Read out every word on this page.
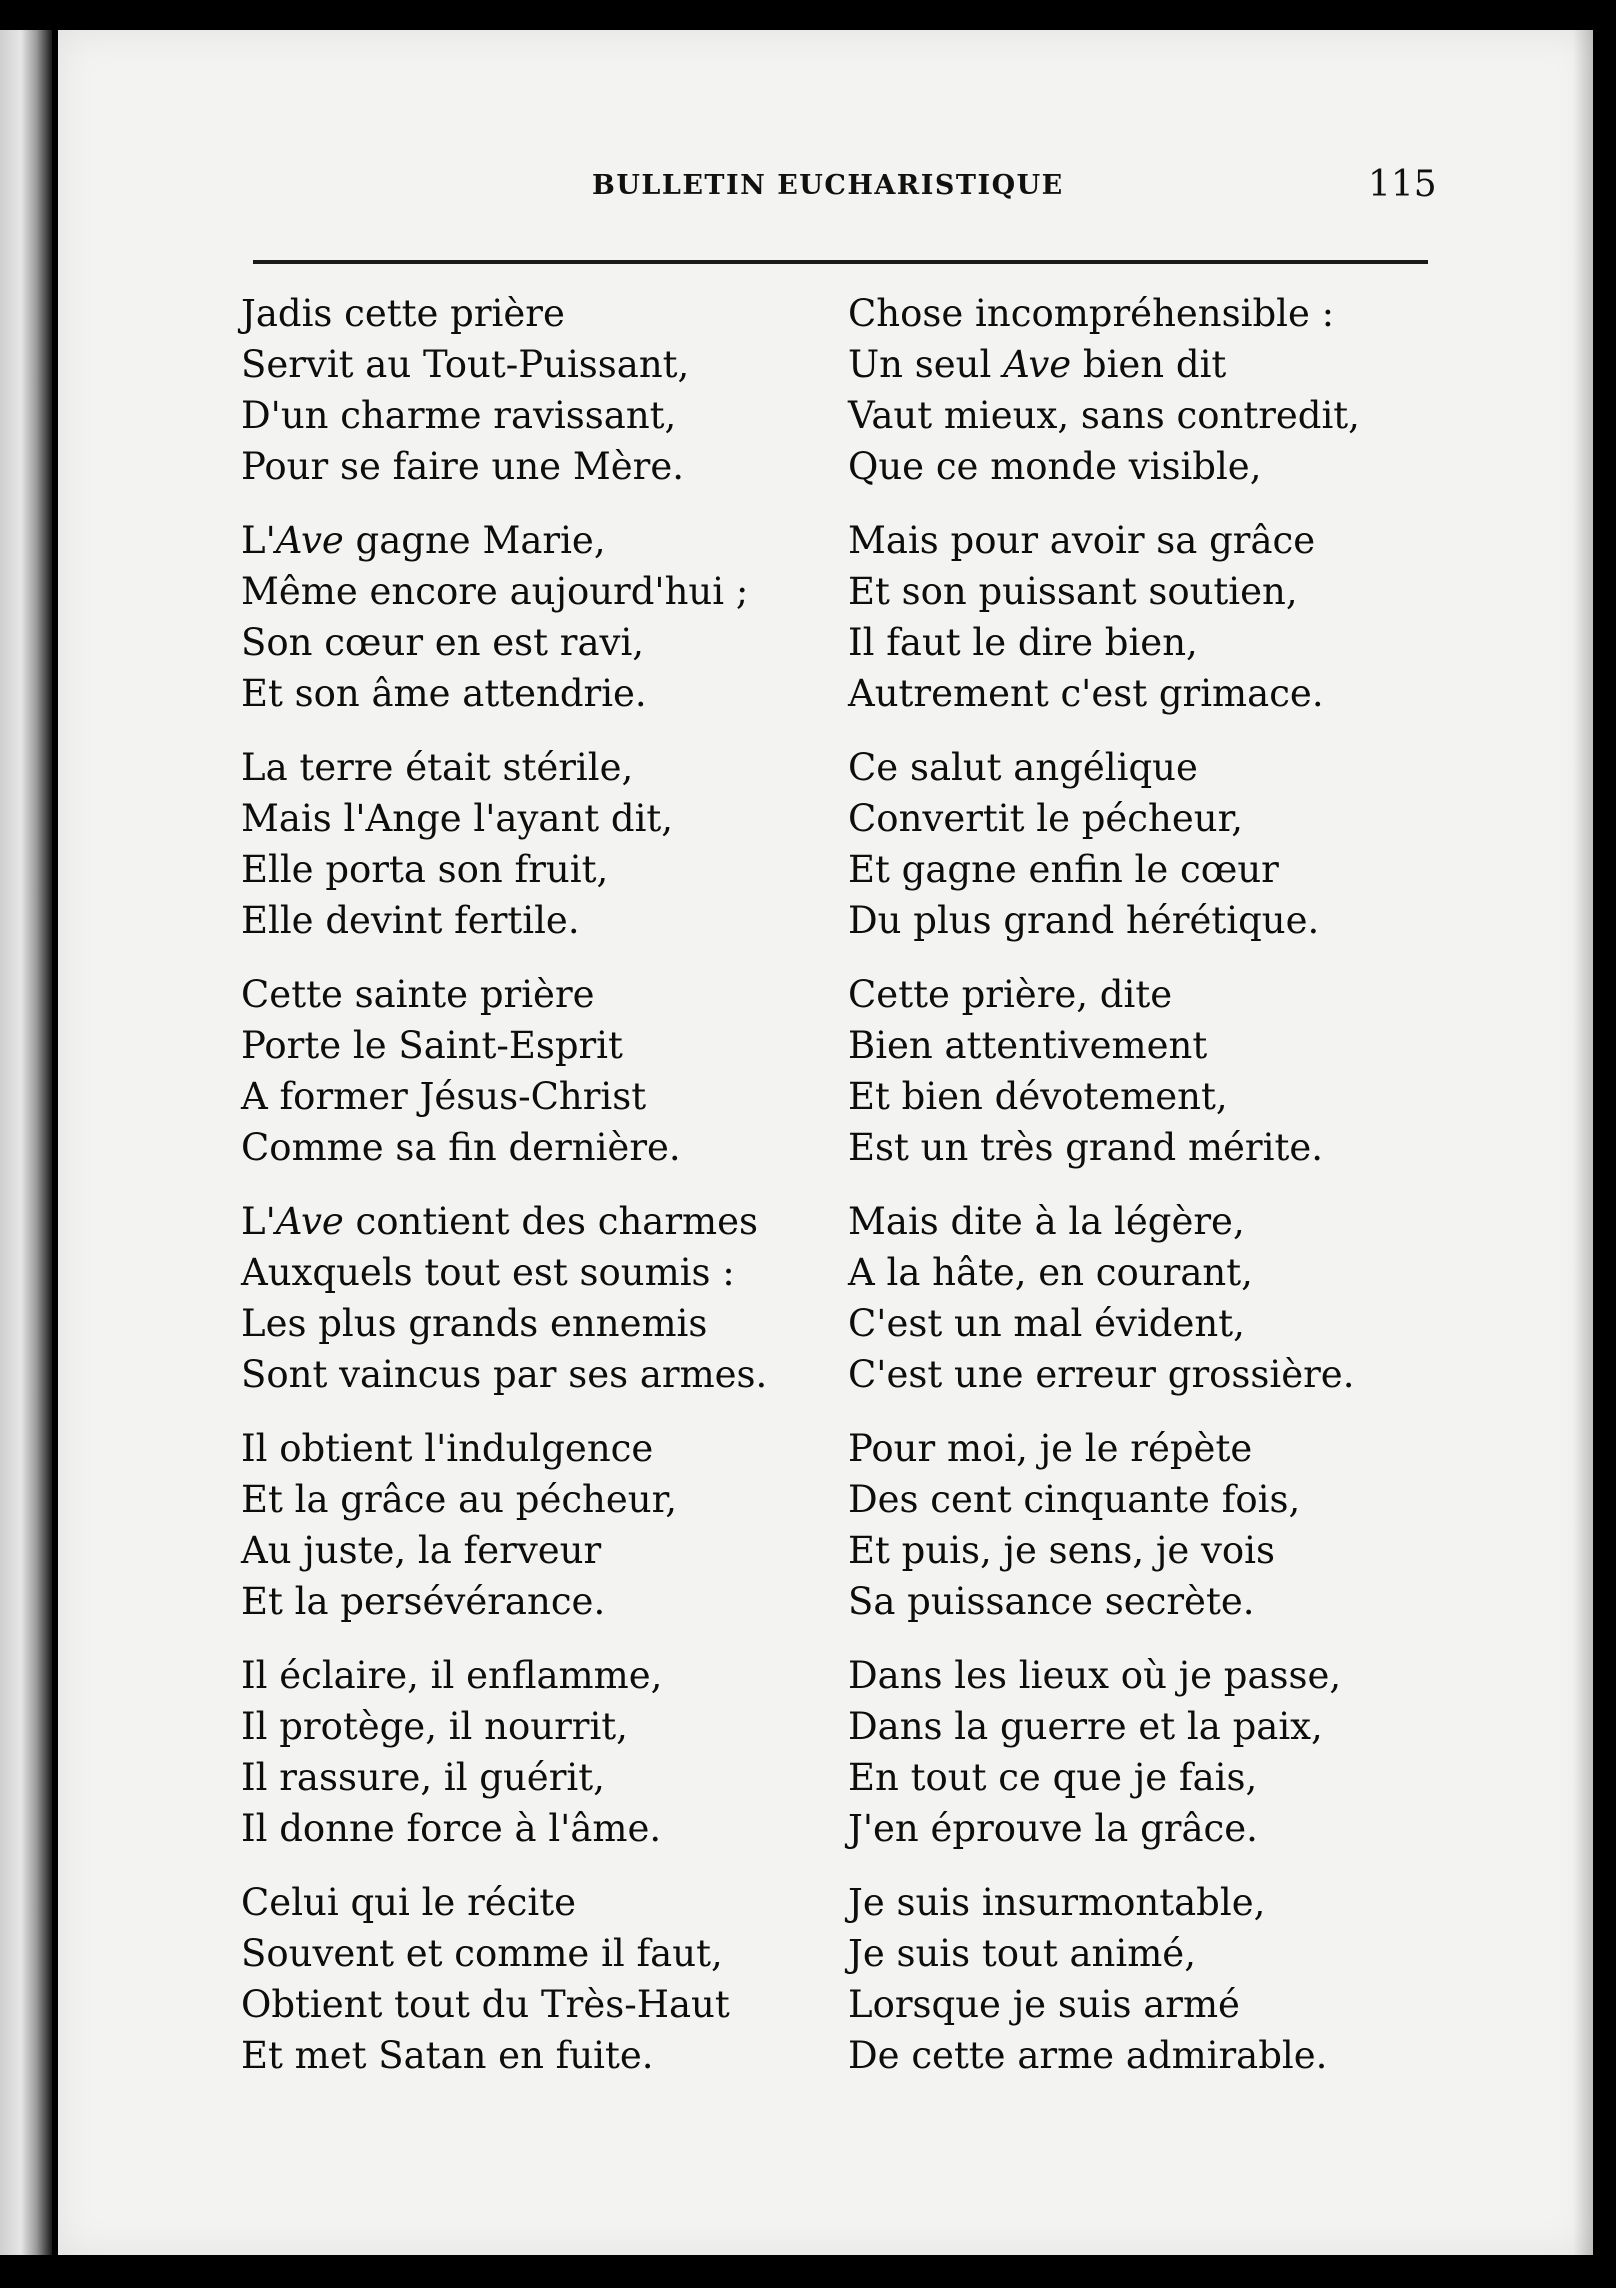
BULLETIN EUCHARISTIQUE	115
Jadis cette prière
Servit au Tout-Puissant,
D'un charme ravissant,
Pour se faire une Mère.
L'Ave gagne Marie,
Même encore aujourd'hui ;
Son cœur en est ravi,
Et son âme attendrie.
La terre était stérile,
Mais l'Ange l'ayant dit,
Elle porta son fruit,
Elle devint fertile.
Cette sainte prière
Porte le Saint-Esprit
A former Jésus-Christ
Comme sa fin dernière.
L'Ave contient des charmes
Auxquels tout est soumis :
Les plus grands ennemis
Sont vaincus par ses armes.
Il obtient l'indulgence
Et la grâce au pécheur,
Au juste, la ferveur
Et la persévérance.
Il éclaire, il enflamme,
Il protège, il nourrit,
Il rassure, il guérit,
Il donne force à l'âme.
Celui qui le récite
Souvent et comme il faut,
Obtient tout du Très-Haut
Et met Satan en fuite.
Chose incompréhensible :
Un seul Ave bien dit
Vaut mieux, sans contredit,
Que ce monde visible,
Mais pour avoir sa grâce
Et son puissant soutien,
Il faut le dire bien,
Autrement c'est grimace.
Ce salut angélique
Convertit le pécheur,
Et gagne enfin le cœur
Du plus grand hérétique.
Cette prière, dite
Bien attentivement
Et bien dévotement,
Est un très grand mérite.
Mais dite à la légère,
A la hâte, en courant,
C'est un mal évident,
C'est une erreur grossière.
Pour moi, je le répète
Des cent cinquante fois,
Et puis, je sens, je vois
Sa puissance secrète.
Dans les lieux où je passe,
Dans la guerre et la paix,
En tout ce que je fais,
J'en éprouve la grâce.
Je suis insurmontable,
Je suis tout animé,
Lorsque je suis armé
De cette arme admirable.
